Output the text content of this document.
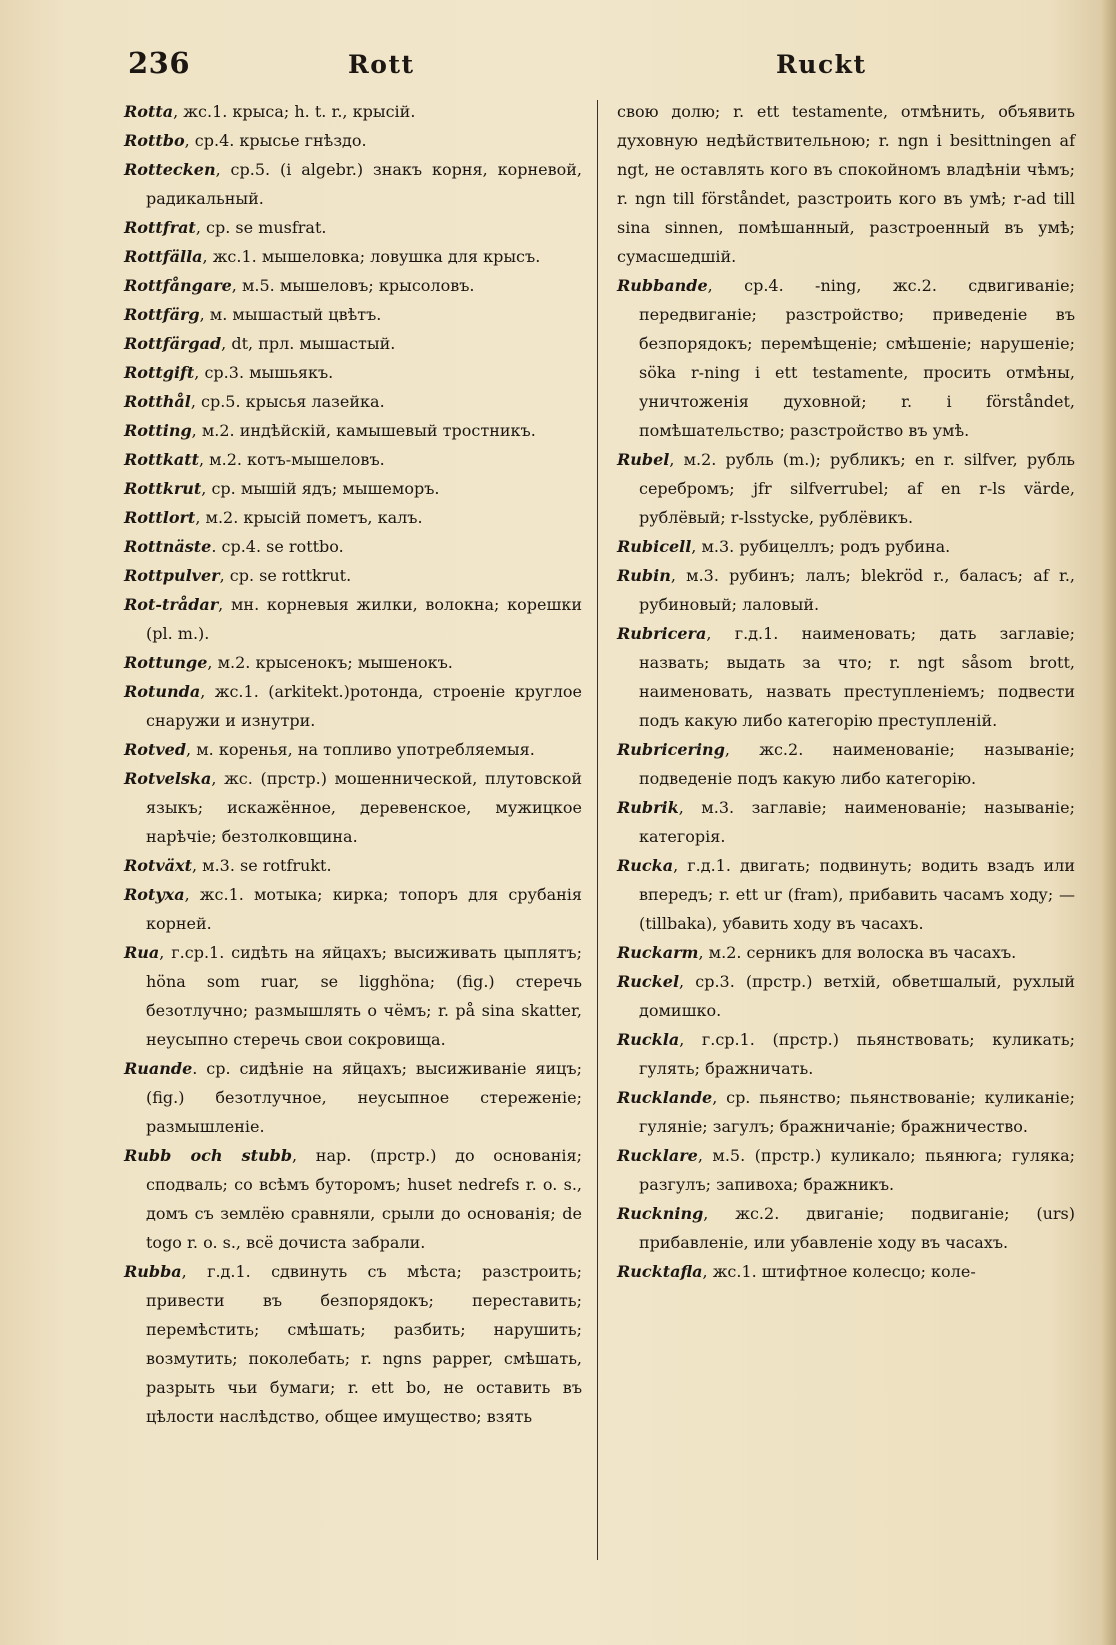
236	Rott	Ruckt

Rotta, жс.1. крыса; h. t. r., крысій.

Rottbo, ср.4. крысье гнѣздо.

Rottecken, ср.5. (i algebr.) знакъ корня, корневой, радикальный.

Rottfrat, ср. se musfrat.

Rottfälla, жс.1. мышеловка; ловушка для крысъ.

Rottfångare, м.5. мышеловъ; крысоловъ.

Rottfärg, м. мышастый цвѣтъ.

Rottfärgad, dt, прл. мышастый.

Rottgift, ср.3. мышьякъ.

Rotthål, ср.5. крысья лазейка.

Rotting, м.2. индѣйскій, камышевый тростникъ.

Rottkatt, м.2. котъ-мышеловъ.

Rottkrut, ср. мышій ядъ; мышеморъ.

Rottlort, м.2. крысій пометъ, калъ.

Rottnäste. ср.4. se rottbo.

Rottpulver, ср. se rottkrut.

Rot-trådar, мн. корневыя жилки, волокна; корешки (pl. m.).

Rottunge, м.2. крысенокъ; мышенокъ.

Rotunda, жс.1. (arkitekt.)ротонда, строеніе круглое снаружи и изнутри.

Rotved, м. коренья, на топливо употребляемыя.

Rotvelska, жс. (прстр.) мошеннической, плутовской языкъ; искажённое, деревенское, мужицкое нарѣчіе; безтолковщина.

Rotväxt, м.3. se rotfrukt.

Rotyxa, жс.1. мотыка; кирка; топоръ для срубанія корней.

Rua, г.ср.1. сидѣть на яйцахъ; высиживать цыплятъ; höna som ruar, se ligghöna; (fig.) стеречь безотлучно; размышлять о чёмъ; r. på sina skatter, неусыпно стеречь свои сокровища.

Ruande. ср. сидѣніе на яйцахъ; высиживаніе яицъ; (fig.) безотлучное, неусыпное стереженіе; размышленіе.

Rubb och stubb, нар. (прстр.) до основанія; сподваль; со всѣмъ буторомъ; huset nedrefs r. o. s., домъ съ землёю сравняли, срыли до основанія; de togo r. o. s., всё дочиста забрали.

Rubba, г.д.1. сдвинуть съ мѣста; разстроить; привести въ безпорядокъ; переставить; перемѣстить; смѣшать; разбить; нарушить; возмутить; поколебать; r. ngns papper, смѣшать, разрыть чьи бумаги; r. ett bo, не оставить въ цѣлости наслѣдство, общее имущество; взять

свою долю; r. ett testamente, отмѣнить, объявить духовную недѣйствительною; r. ngn i besittningen af ngt, не оставлять кого въ спокойномъ владѣніи чѣмъ; r. ngn till förståndet, разстроить кого въ умѣ; r-ad till sina sinnen, помѣшанный, разстроенный въ умѣ; сумасшедшій.

Rubbande, ср.4. -ning, жс.2. сдвигиваніе; передвиганіе; разстройство; приведеніе въ безпорядокъ; перемѣщеніе; смѣшеніе; нарушеніе; söka r-ning i ett testamente, просить отмѣны, уничтоженія духовной; r. i förståndet, помѣшательство; разстройство въ умѣ.

Rubel, м.2. рубль (m.); рубликъ; en r. silfver, рубль серебромъ; jfr silfverrubel; af en r-ls värde, рублёвый; r-lsstycke, рублёвикъ.

Rubicell, м.3. рубицеллъ; родъ рубина.

Rubin, м.3. рубинъ; лалъ; blekröd r., баласъ; af r., рубиновый; лаловый.

Rubricera, г.д.1. наименовать; дать заглавіе; назвать; выдать за что; r. ngt såsom brott, наименовать, назвать преступленіемъ; подвести подъ какую либо категорію преступленій.

Rubricering, жс.2. наименованіе; называніе; подведеніе подъ какую либо категорію.

Rubrik, м.3. заглавіе; наименованіе; называніе; категорія.

Rucka, г.д.1. двигать; подвинуть; водить взадъ или впередъ; r. ett ur (fram), прибавить часамъ ходу; — (tillbaka), убавить ходу въ часахъ.

Ruckarm, м.2. серникъ для волоска въ часахъ.

Ruckel, ср.3. (прстр.) ветхій, обветшалый, рухлый домишко.

Ruckla, г.ср.1. (прстр.) пьянствовать; куликать; гулять; бражничать.

Rucklande, ср. пьянство; пьянствованіе; куликаніе; гуляніе; загулъ; бражничаніе; бражничество.

Rucklare, м.5. (прстр.) куликало; пьянюга; гуляка; разгулъ; запивоха; бражникъ.

Ruckning, жс.2. двиганіе; подвиганіе; (urs) прибавленіе, или убавленіе ходу въ часахъ.

Rucktafla, жс.1. штифтное колесцо; коле-
